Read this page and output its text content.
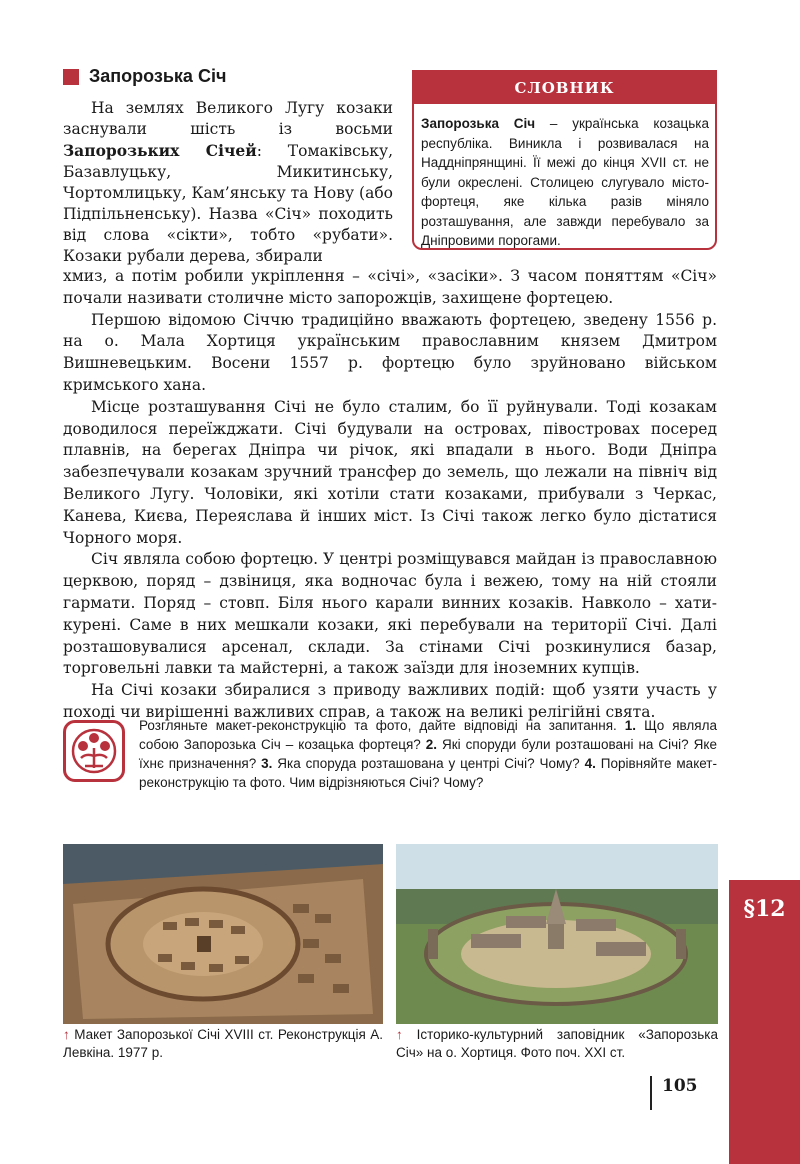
Запорозька Січ
СЛОВНИК
Запорозька Січ – українська козацька республіка. Виникла і розвивалася на Наддніпрянщині. Її межі до кінця XVII ст. не були окреслені. Столицею слугувало місто-фортеця, яке кілька разів міняло розташування, але завжди перебувало за Дніпровими порогами.

На землях Великого Лугу козаки заснували шість із восьми Запорозьких Січей: Томаківську, Базавлуцьку, Микитинську, Чортомлицьку, Кам’янську та Нову (або Підпільненську). Назва «Січ» походить від слова «сікти», тобто «рубати». Козаки рубали дерева, збирали

хмиз, а потім робили укріплення – «січі», «засіки». З часом поняттям «Січ» почали називати столичне місто запорожців, захищене фортецею.

Першою відомою Січчю традиційно вважають фортецею, зведену 1556 р. на о. Мала Хортиця українським православним князем Дмитром Вишневецьким. Восени 1557 р. фортецю було зруйновано військом кримського хана.

Місце розташування Січі не було сталим, бо її руйнували. Тоді козакам доводилося переїжджати. Січі будували на островах, півостровах посеред плавнів, на берегах Дніпра чи річок, які впадали в нього. Води Дніпра забезпечували козакам зручний трансфер до земель, що лежали на північ від Великого Лугу. Чоловіки, які хотіли стати козаками, прибували з Черкас, Канева, Києва, Переяслава й інших міст. Із Січі також легко було дістатися Чорного моря.

Січ являла собою фортецю. У центрі розміщувався майдан із православною церквою, поряд – дзвіниця, яка водночас була і вежею, тому на ній стояли гармати. Поряд – стовп. Біля нього карали винних козаків. Навколо – хати-курені. Саме в них мешкали козаки, які перебували на території Січі. Далі розташовувалися арсенал, склади. За стінами Січі розкинулися базар, торговельні лавки та майстерні, а також заїзди для іноземних купців.

На Січі козаки збиралися з приводу важливих подій: щоб узяти участь у поході чи вирішенні важливих справ, а також на великі релігійні свята.

Розгляньте макет-реконструкцію та фото, дайте відповіді на запитання. 1. Що являла собою Запорозька Січ – козацька фортеця? 2. Які споруди були розташовані на Січі? Яке їхнє призначення? 3. Яка споруда розташована у центрі Січі? Чому? 4. Порівняйте макет-реконструкцію та фото. Чим відрізняються Січі? Чому?
↑ Макет Запорозької Січі XVIII ст. Реконструкція А. Левкіна. 1977 р.
↑ Історико-культурний заповідник «Запорозька Січ» на о. Хортиця. Фото поч. XXI ст.
105
§12
